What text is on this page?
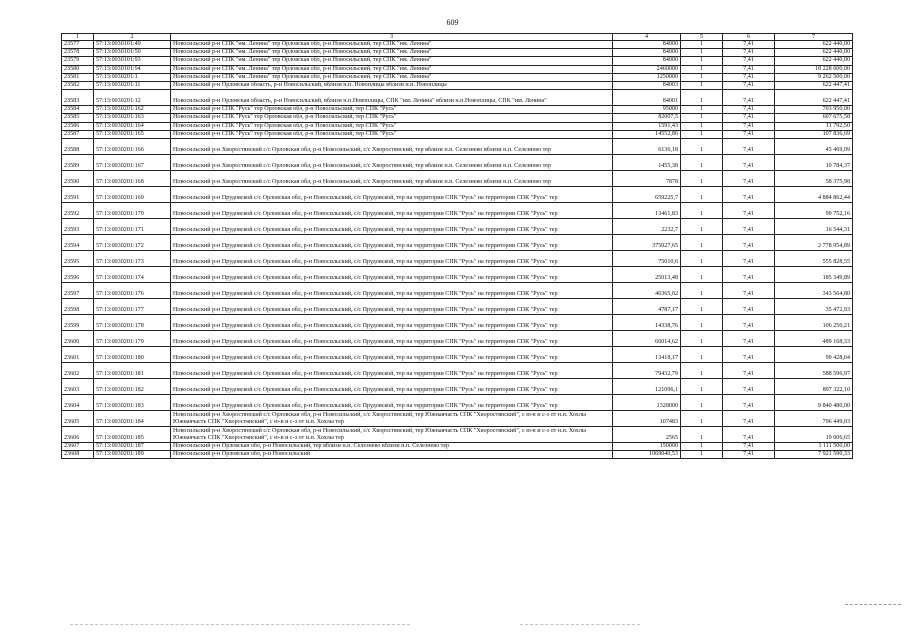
609
1	2	3	4	5	6	7
23577	57:13:0030101:49	Новосильский р-н СПК "им. Ленина" тер Орловская обл, р-н Новосильский, тер СПК "им. Ленина"	84000	1	7,41	622 440,00
23578	57:13:0030101:50	Новосильский р-н СПК "им. Ленина" тер Орловская обл, р-н Новосильский, тер СПК "им. Ленина"	84000	1	7,41	622 440,00
23579	57:13:0030101:93	Новосильский р-н СПК "им. Ленина" тер Орловская обл, р-н Новосильский, тер СПК "им. Ленина"	84000	1	7,41	622 440,00
23580	57:13:0030101:94	Новосильский р-н СПК "им. Ленина" тер Орловская обл, р-н Новосильский, тер СПК "им. Ленина"	2460000	1	7,41	18 228 600,00
23581	57:13:0030201:1	Новосильский р-н СПК "им. Ленина" тер Орловская обл, р-н Новосильский, тер СПК "им. Ленина"	1250000	1	7,41	9 262 500,00
23582	57:13:0030201:11	Новосильский р-н Орловская область, р-н Новосильский, вблизи н.п. Новоплицы вблизи н.п. Новоплицы	84003	1	7,41	622 447,41
23583	57:13:0030201:12	Новосильский р-н Орловская область, р-н Новосильский, вблизи н.п.Новоплицы, СПК "им. Ленина" вблизи н.п.Новоплицы, СПК "им. Ленина"	84001	1	7,41	622 447,41
23584	57:13:0030201:162	Новосильский р-н СПК "Русь" тер Орловская обл, р-н Новосильский, тер СПК "Русь"	95000	1	7,41	703 950,00
23585	57:13:0030201:163	Новосильский р-н СПК "Русь" тер Орловская обл, р-н Новосильский, тер СПК "Русь"	82007,5	1	7,41	607 675,58
23586	57:13:0030201:164	Новосильский р-н СПК "Русь" тер Орловская обл, р-н Новосильский, тер СПК "Русь"	1591,43	1	7,41	11 792,50
23587	57:13:0030201:165	Новосильский р-н СПК "Русь" тер Орловская обл, р-н Новосильский, тер СПК "Русь"	14552,86	1	7,41	107 836,69
23588	57:13:0030201:166	Новосильский р-н Хворостянский с/с Орловская обл, р-н Новосильский, с/с Хворостянский, тер вблизи н.п. Селезнево вблизи н.п. Селезнево тер	6136,18	1	7,41	45 469,09
23589	57:13:0030201:167	Новосильский р-н Хворостянский с/с Орловская обл, р-н Новосильский, с/с Хворостянский, тер вблизи н.п. Селезнево вблизи н.п. Селезнево тер	1455,38	1	7,41	10 784,37
23590	57:13:0030201:168	Новосильский р-н Хворостянский с/с Орловская обл, р-н Новосильский, с/с Хворостянский, тер вблизи н.п. Селезнево вблизи н.п. Селезнево тер	7878	1	7,41	58 375,98
23591	57:13:0030201:169	Новосильский р-н Прудовской с/с Орловская обл, р-н Новосильский, с/с Прудовской, тер на территории СПК "Русь" на территории СПК "Русь" тер	659225,7	1	7,41	4 884 862,44
23592	57:13:0030201:170	Новосильский р-н Прудовской с/с Орловская обл, р-н Новосильский, с/с Прудовской, тер на территории СПК "Русь" на территории СПК "Русь" тер	13461,83	1	7,41	99 752,16
23593	57:13:0030201:171	Новосильский р-н Прудовской с/с Орловская обл, р-н Новосильский, с/с Прудовской, тер на территории СПК "Русь" на территории СПК "Русь" тер	2232,7	1	7,41	16 544,31
23594	57:13:0030201:172	Новосильский р-н Прудовской с/с Орловская обл, р-н Новосильский, с/с Прудовской, тер на территории СПК "Русь" на территории СПК "Русь" тер	375027,65	1	7,41	2 778 954,89
23595	57:13:0030201:173	Новосильский р-н Прудовской с/с Орловская обл, р-н Новосильский, с/с Прудовской, тер на территории СПК "Русь" на территории СПК "Русь" тер	75010,6	1	7,41	555 828,55
23596	57:13:0030201:174	Новосильский р-н Прудовской с/с Орловская обл, р-н Новосильский, с/с Прудовской, тер на территории СПК "Русь" на территории СПК "Русь" тер	25013,48	1	7,41	185 349,89
23597	57:13:0030201:176	Новосильский р-н Прудовской с/с Орловская обл, р-н Новосильский, с/с Прудовской, тер на территории СПК "Русь" на территории СПК "Русь" тер	46365,02	1	7,41	343 564,80
23598	57:13:0030201:177	Новосильский р-н Прудовской с/с Орловская обл, р-н Новосильский, с/с Прудовской, тер на территории СПК "Русь" на территории СПК "Русь" тер	4787,17	1	7,41	35 472,93
23599	57:13:0030201:178	Новосильский р-н Прудовской с/с Орловская обл, р-н Новосильский, с/с Прудовской, тер на территории СПК "Русь" на территории СПК "Русь" тер	14338,76	1	7,41	106 250,21
23600	57:13:0030201:179	Новосильский р-н Прудовской с/с Орловская обл, р-н Новосильский, с/с Прудовской, тер на территории СПК "Русь" на территории СПК "Русь" тер	66014,62	1	7,41	489 168,33
23601	57:13:0030201:180	Новосильский р-н Прудовской с/с Орловская обл, р-н Новосильский, с/с Прудовской, тер на территории СПК "Русь" на территории СПК "Русь" тер	13418,17	1	7,41	99 428,64
23602	57:13:0030201:181	Новосильский р-н Прудовской с/с Орловская обл, р-н Новосильский, с/с Прудовской, тер на территории СПК "Русь" на территории СПК "Русь" тер	79432,79	1	7,41	588 596,97
23603	57:13:0030201:182	Новосильский р-н Прудовской с/с Орловская обл, р-н Новосильский, с/с Прудовской, тер на территории СПК "Русь" на территории СПК "Русь" тер	121096,1	1	7,41	897 322,10
23604	57:13:0030201:183	Новосильский р-н Прудовской с/с Орловская обл, р-н Новосильский, с/с Прудовской, тер на территории СПК "Русь" на территории СПК "Русь" тер	1328000	1	7,41	9 840 480,00
23605	57:13:0030201:184	Новосильский р-н Хворостянский с/с Орловская обл, р-н Новосильский, с/с Хворостянский, тер Южнаячасть СПК "Хворостянский", с ю-в и с-з от н.п. Хохлы Южнаячасть СПК "Хворостянский", с ю-в и с-з от н.п. Хохлы тер	107483	1	7,41	796 449,03
23606	57:13:0030201:185	Новосильский р-н Хворостянский с/с Орловская обл, р-н Новосильский, с/с Хворостянский, тер Южнаячасть СПК "Хворостянский", с ю-в и с-з от н.п. Хохлы Южнаячасть СПК "Хворостянский", с ю-в и с-з от н.п. Хохлы тер	2565	1	7,41	19 006,65
23607	57:13:0030201:187	Новосильский р-н Орловская обл, р-н Новосильский, тер вблизи н.п. Селезнево вблизи н.п. Селезнево тер	150000	1	7,41	1 111 500,00
23608	57:13:0030201:189	Новосильский р-н Орловская обл, р-н Новосильский	1069040,53	1	7,41	7 921 590,33
